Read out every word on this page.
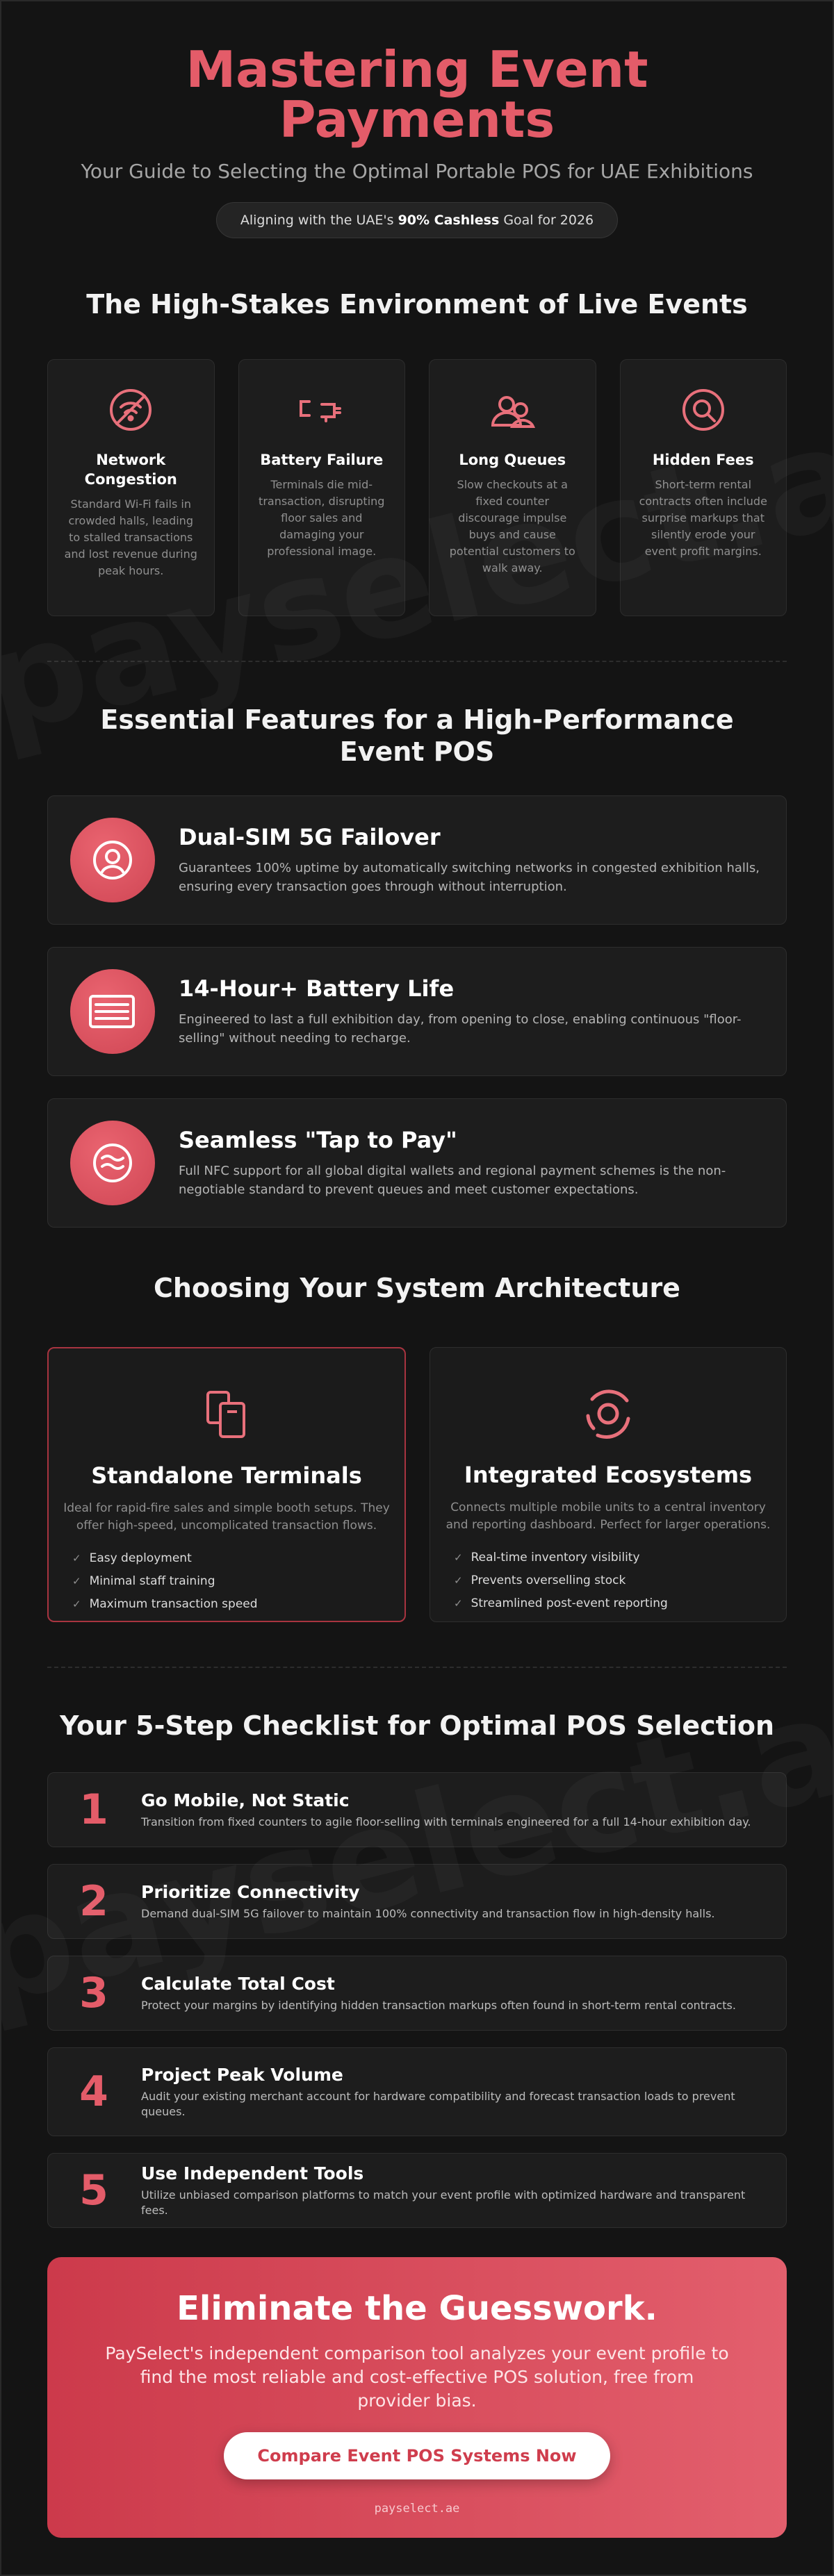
Mastering Event Payments
Your Guide to Selecting the Optimal Portable POS for UAE Exhibitions
Aligning with the UAE's 90% Cashless Goal for 2026
The High-Stakes Environment of Live Events
Network Congestion

Standard Wi-Fi fails in crowded halls, leading to stalled transactions and lost revenue during peak hours.

Battery Failure

Terminals die mid-transaction, disrupting floor sales and damaging your professional image.

Long Queues

Slow checkouts at a fixed counter discourage impulse buys and cause potential customers to walk away.

Hidden Fees

Short-term rental contracts often include surprise markups that silently erode your event profit margins.

Essential Features for a High-Performance Event POS
Dual-SIM 5G Failover

Guarantees 100% uptime by automatically switching networks in congested exhibition halls, ensuring every transaction goes through without interruption.

14-Hour+ Battery Life

Engineered to last a full exhibition day, from opening to close, enabling continuous "floor-selling" without needing to recharge.

Seamless "Tap to Pay"

Full NFC support for all global digital wallets and regional payment schemes is the non-negotiable standard to prevent queues and meet customer expectations.

Choosing Your System Architecture
Standalone Terminals

Ideal for rapid-fire sales and simple booth setups. They offer high-speed, uncomplicated transaction flows.

✓ Easy deployment
✓ Minimal staff training
✓ Maximum transaction speed
Integrated Ecosystems

Connects multiple mobile units to a central inventory and reporting dashboard. Perfect for larger operations.

✓ Real-time inventory visibility
✓ Prevents overselling stock
✓ Streamlined post-event reporting
Your 5-Step Checklist for Optimal POS Selection
1	Go Mobile, Not Static

Transition from fixed counters to agile floor-selling with terminals engineered for a full 14-hour exhibition day.

2	Prioritize Connectivity

Demand dual-SIM 5G failover to maintain 100% connectivity and transaction flow in high-density halls.

3	Calculate Total Cost

Protect your margins by identifying hidden transaction markups often found in short-term rental contracts.

4	Project Peak Volume

Audit your existing merchant account for hardware compatibility and forecast transaction loads to prevent queues.

5	Use Independent Tools

Utilize unbiased comparison platforms to match your event profile with optimized hardware and transparent fees.

Eliminate the Guesswork.

PaySelect's independent comparison tool analyzes your event profile to find the most reliable and cost-effective POS solution, free from provider bias.

Compare Event POS Systems Now
payselect.ae
